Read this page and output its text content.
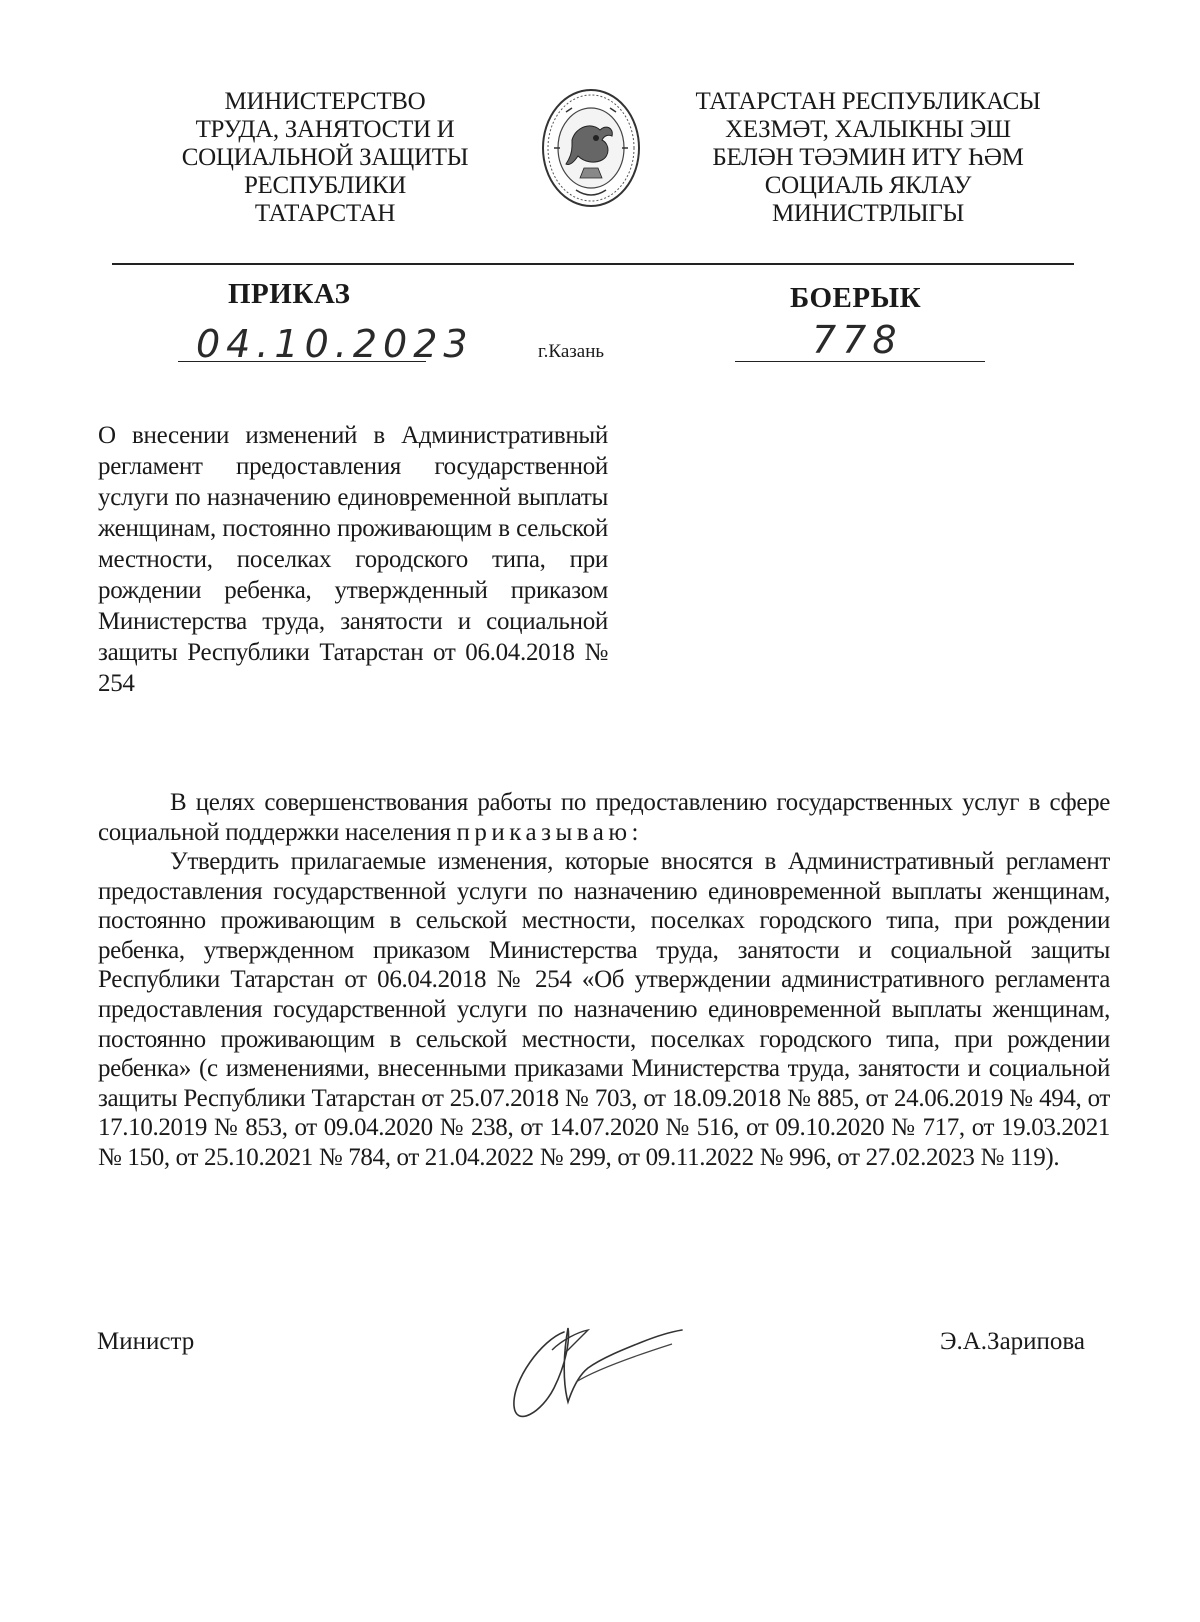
МИНИСТЕРСТВО
ТРУДА, ЗАНЯТОСТИ И
СОЦИАЛЬНОЙ ЗАЩИТЫ
РЕСПУБЛИКИ
ТАТАРСТАН
ТАТАРСТАН РЕСПУБЛИКАСЫ
ХЕЗМӘТ, ХАЛЫКНЫ ЭШ
БЕЛӘН ТӘЭМИН ИТҮ ҺӘМ
СОЦИАЛЬ ЯКЛАУ
МИНИСТРЛЫГЫ
ПРИКАЗ	БОЕРЫК
04.10.2023	г.Казань	778
О внесении изменений в Административный регламент предоставления государственной услуги по назначению единовременной выплаты женщинам, постоянно проживающим в сельской местности, поселках городского типа, при рождении ребенка, утвержденный приказом Министерства труда, занятости и социальной защиты Республики Татарстан от 06.04.2018 № 254
В целях совершенствования работы по предоставлению государственных услуг в сфере социальной поддержки населения приказываю:
Утвердить прилагаемые изменения, которые вносятся в Административный регламент предоставления государственной услуги по назначению единовременной выплаты женщинам, постоянно проживающим в сельской местности, поселках городского типа, при рождении ребенка, утвержденном приказом Министерства труда, занятости и социальной защиты Республики Татарстан от 06.04.2018 № 254 «Об утверждении административного регламента предоставления государственной услуги по назначению единовременной выплаты женщинам, постоянно проживающим в сельской местности, поселках городского типа, при рождении ребенка» (с изменениями, внесенными приказами Министерства труда, занятости и социальной защиты Республики Татарстан от 25.07.2018 № 703, от 18.09.2018 № 885, от 24.06.2019 № 494, от 17.10.2019 № 853, от 09.04.2020 № 238, от 14.07.2020 № 516, от 09.10.2020 № 717, от 19.03.2021 № 150, от 25.10.2021 № 784, от 21.04.2022 № 299, от 09.11.2022 № 996, от 27.02.2023 № 119).
Министр	Э.А.Зарипова
